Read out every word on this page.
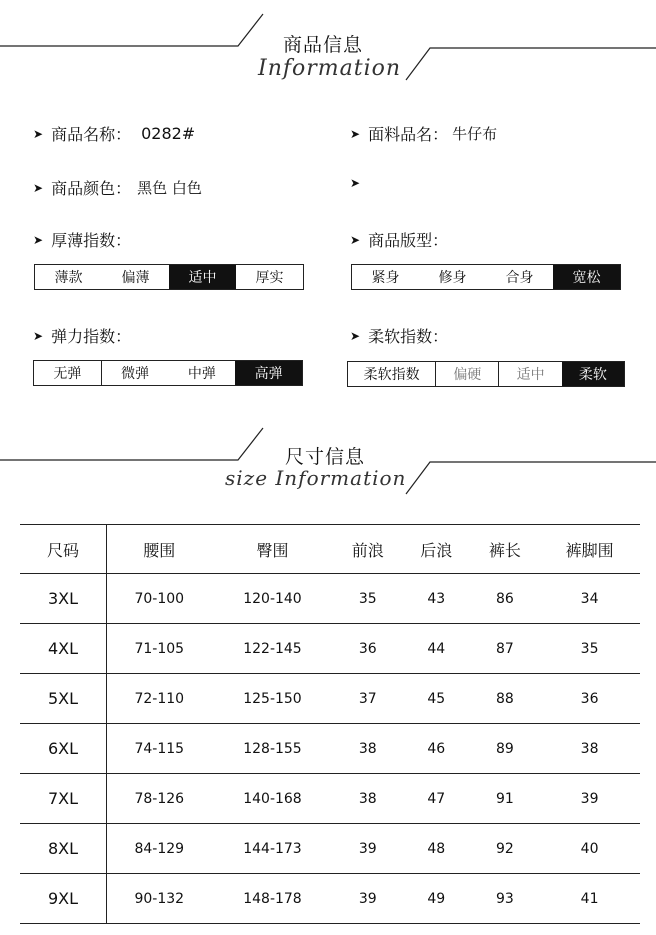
商品信息
Information
➤ 商品名称： 0282#	➤ 面料品名： 牛仔布
➤ 商品颜色： 黑色 白色	➤
➤ 厚薄指数：
薄款	偏薄	适中	厚实
➤ 商品版型：
紧身	修身	合身	宽松
➤ 弹力指数：
无弹	微弹	中弹	高弹
➤ 柔软指数：
柔软指数	偏硬	适中	柔软
尺寸信息
size Information
尺码	腰围	臀围	前浪	后浪	裤长	裤脚围
3XL	70-100	120-140	35	43	86	34
4XL	71-105	122-145	36	44	87	35
5XL	72-110	125-150	37	45	88	36
6XL	74-115	128-155	38	46	89	38
7XL	78-126	140-168	38	47	91	39
8XL	84-129	144-173	39	48	92	40
9XL	90-132	148-178	39	49	93	41
